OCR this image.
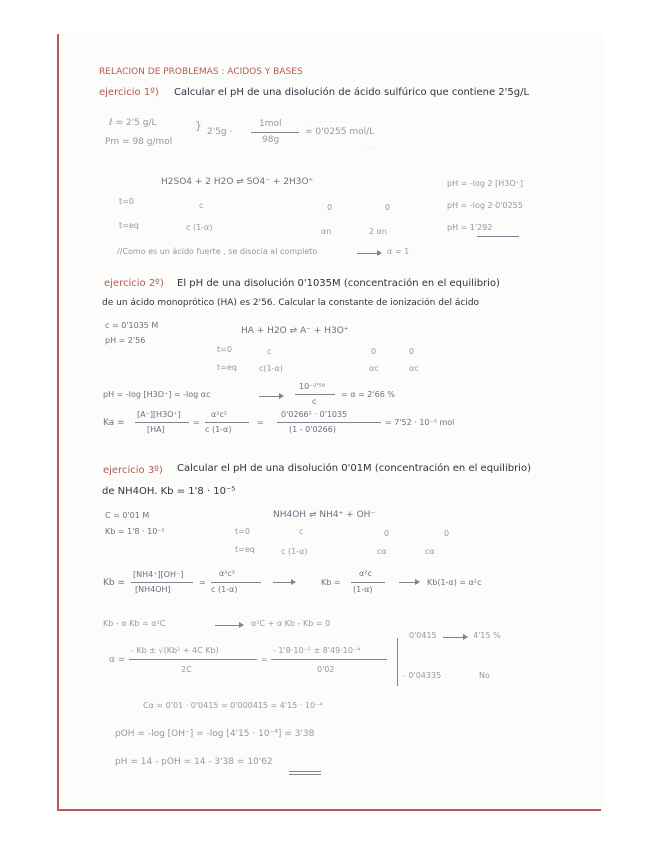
· · · · · · ·
· · · ·
RELACION DE PROBLEMAS : ACIDOS Y BASES
ejercicio 1º) Calcular el pH de una disolución de ácido sulfúrico que contiene 2'5g/L
ℓ = 2'5 g/L
Pm = 98 g/mol
} 2'5g ·
1mol
98g
= 0'0255 mol/L
H2SO4 + 2 H2O ⇌ SO4⁻ + 2H3O⁺
t=0	c	0	0
t=eq	c (1-α)	αn	2 αn
pH = -log 2 [H3O⁺]
pH = -log 2·0'0255
pH = 1'292
//Como es un ácido fuerte , se disocia al completo	α = 1
ejercicio 2º) El pH de una disolución 0'1035M (concentración en el equilibrio)
de un ácido monoprótico (HA) es 2'56. Calcular la constante de ionización del ácido
c = 0'1035 M
pH = 2'56
HA + H2O ⇌ A⁻ + H3O⁺
t=0	c	0	0
t=eq	c(1-α)	αc	αc
pH = -log [H3O⁺] = -log αc
10⁻²'⁵⁶
c
= α = 2'66 %
Ka =
[A⁻][H3O⁺]
[HA]
=
α²c²
c (1-α)
=
0'0266² · 0'1035
(1 - 0'0266)
= 7'52 · 10⁻⁵ mol
ejercicio 3º) Calcular el pH de una disolución 0'01M (concentración en el equilibrio)
de NH4OH. Kb = 1'8 · 10⁻⁵
C = 0'01 M
Kb = 1'8 · 10⁻⁵
NH4OH ⇌ NH4⁺ + OH⁻
t=0	c	0	0
t=eq	c (1-α)	cα	cα
Kb =
[NH4⁺][OH⁻]
[NH4OH]
=
α²c²
c (1-α)
Kb =
α²c
(1-α)
Kb(1-α) = α²c
Kb - α Kb = α²C	α²C + α Kb - Kb = 0
α =
- Kb ± √(Kb² + 4C Kb)
2C
=
- 1'8·10⁻⁵ ± 8'49·10⁻⁴
0'02
0'0415	4'15 %
- 0'04335	No
Cα = 0'01 · 0'0415 = 0'000415 = 4'15 · 10⁻⁴
pOH = -log [OH⁻] = -log [4'15 · 10⁻⁴] = 3'38
pH = 14 - pOH = 14 - 3'38 = 10'62
